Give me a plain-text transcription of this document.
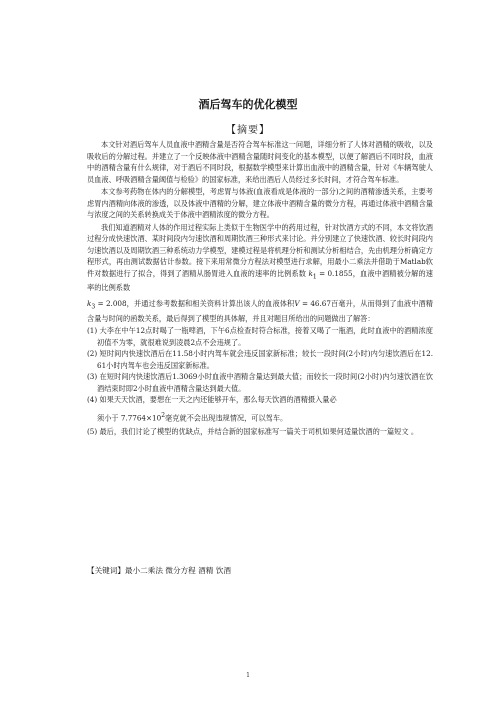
酒后驾车的优化模型
【摘要】

本文针对酒后驾车人员血液中酒精含量是否符合驾车标准这一问题，详细分析了人体对酒精的吸收，以及吸收后的分解过程。并建立了一个反映体液中酒精含量随时间变化的基本模型，以便了解酒后不同时段，血液中的酒精含量有什么规律，对于酒后不同时段，根据数学模型来计算出血液中的酒精含量，针对《车辆驾驶人员血液、呼吸酒精含量阈值与检验》的国家标准，来给出酒后人员经过多长时间，才符合驾车标准。

本文参考药物在体内的分解模型，考虑胃与体液(血液看成是体液的一部分)之间的酒精渗透关系，主要考虑胃内酒精向体液的渗透，以及体液中酒精的分解，建立体液中酒精含量的微分方程，再通过体液中酒精含量与浓度之间的关系转换成关于体液中酒精浓度的微分方程。

我们知道酒精对人体的作用过程实际上类似于生物医学中的药用过程，针对饮酒方式的不同，本文将饮酒过程分成快速饮酒、某时间段内匀速饮酒和周期饮酒三种形式来讨论。并分别建立了快速饮酒、较长时间段内匀速饮酒以及周期饮酒三种系统动力学模型，建模过程是将机理分析和测试分析相结合，先由机理分析确定方程形式，再由测试数据估计参数。接下来用常微分方程法对模型进行求解，用最小二乘法并借助于Matlab软件对数据进行了拟合，得到了酒精从肠胃进入血液的速率的比例系数 $k_1 = 0.1855$，血液中酒精被分解的速率的比例系数

$k_3 = 2.008$，并通过参考数据和相关资料计算出该人的血液体积V = 46.67百毫升，从而得到了血液中酒精含量与时间的函数关系，最后得到了模型的具体解，并且对题目所给出的问题做出了解答：

(1) 大李在中午12点时喝了一瓶啤酒，下午6点检查时符合标准，接着又喝了一瓶酒，此时血液中的酒精浓度初值不为零，就很难说到凌晨2点不会违规了。
(2) 短时间内快速饮酒后在11.58小时内驾车就会违反国家新标准；较长一段时间(2小时)内匀速饮酒后在12.61小时内驾车也会违反国家新标准。
(3) 在短时间内快速饮酒后1.3069小时血液中酒精含量达到最大值；而较长一段时间(2小时)内匀速饮酒在饮酒结束时即2小时血液中酒精含量达到最大值。
(4) 如果天天饮酒，要想在一天之内还能够开车，那么每天饮酒的酒精摄入量必
须小于 $7.7764\times 10^2$毫克就不会出现违规情况，可以驾车。
(5) 最后，我们讨论了模型的优缺点，并结合新的国家标准写一篇关于司机如果何适量饮酒的一篇短文 。
【关键词】最小二乘法 微分方程 酒精 饮酒
1
